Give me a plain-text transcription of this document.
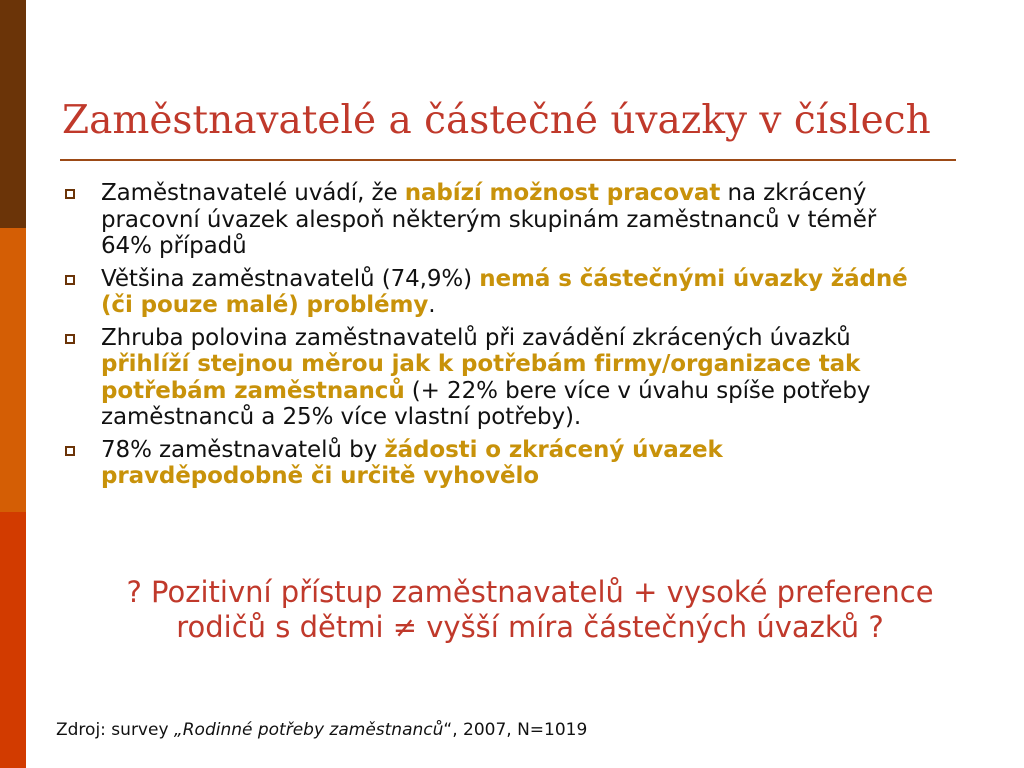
Zaměstnavatelé a částečné úvazky v číslech
Zaměstnavatelé uvádí, že nabízí možnost pracovat na zkrácený pracovní úvazek alespoň některým skupinám zaměstnanců v téměř 64% případů
Většina zaměstnavatelů (74,9%) nemá s částečnými úvazky žádné (či pouze malé) problémy.
Zhruba polovina zaměstnavatelů při zavádění zkrácených úvazků přihlíží stejnou měrou jak k potřebám firmy/organizace tak potřebám zaměstnanců (+ 22% bere více v úvahu spíše potřeby zaměstnanců a 25% více vlastní potřeby).
78% zaměstnavatelů by žádosti o zkrácený úvazek pravděpodobně či určitě vyhovělo
? Pozitivní přístup zaměstnavatelů + vysoké preference rodičů s dětmi ≠ vyšší míra částečných úvazků ?
Zdroj: survey „Rodinné potřeby zaměstnanců“, 2007, N=1019
